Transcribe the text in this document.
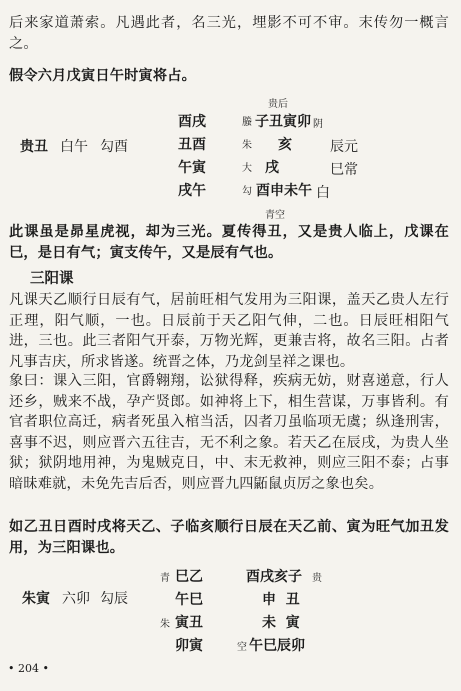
后来家道萧索。凡遇此者，名三光，埋影不可不审。末传勿一概言之。

假令六月戊寅日午时寅将占。

贵后
贵丑 白午 勾酉
酉戌
丑酉
午寅
戌午
螣
朱
大
勾
子丑寅卯
亥
戌
酉申未午
阴
辰元
巳常
白
青空

此课虽是昴星虎视，却为三光。夏传得丑，又是贵人临上，戊课在巳，是日有气；寅支传午，又是辰有气也。

三阳课

凡课天乙顺行日辰有气，居前旺相气发用为三阳课，盖天乙贵人左行正理，阳气顺，一也。日辰前于天乙阳气伸，二也。日辰旺相阳气进，三也。此三者阳气开泰，万物光辉，更兼吉将，故名三阳。占者凡事吉庆，所求皆遂。统晋之体，乃龙剑呈祥之课也。

象曰：课入三阳，官爵翱翔，讼狱得释，疾病无妨，财喜递意，行人还乡，贼来不战，孕产贤郎。如神将上下，相生营谋，万事皆利。有官者职位高迁，病者死虽入棺当活，囚者刀虽临项无虞；纵逢刑害，喜事不迟，则应晋六五往吉，无不利之象。若天乙在辰戌，为贵人坐狱；狱阴地用神，为鬼贼克日，中、末无救神，则应三阳不泰；占事暗昧难就，未免先吉后否，则应晋九四鼫鼠贞厉之象也矣。

如乙丑日酉时戌将天乙、子临亥顺行日辰在天乙前、寅为旺气加丑发用，为三阳课也。

朱寅 六卯 勾辰
青
朱
巳乙
午巳
寅丑
卯寅
酉戌亥子 贵
申  丑
未  寅
空 午巳辰卯
• 204 •
